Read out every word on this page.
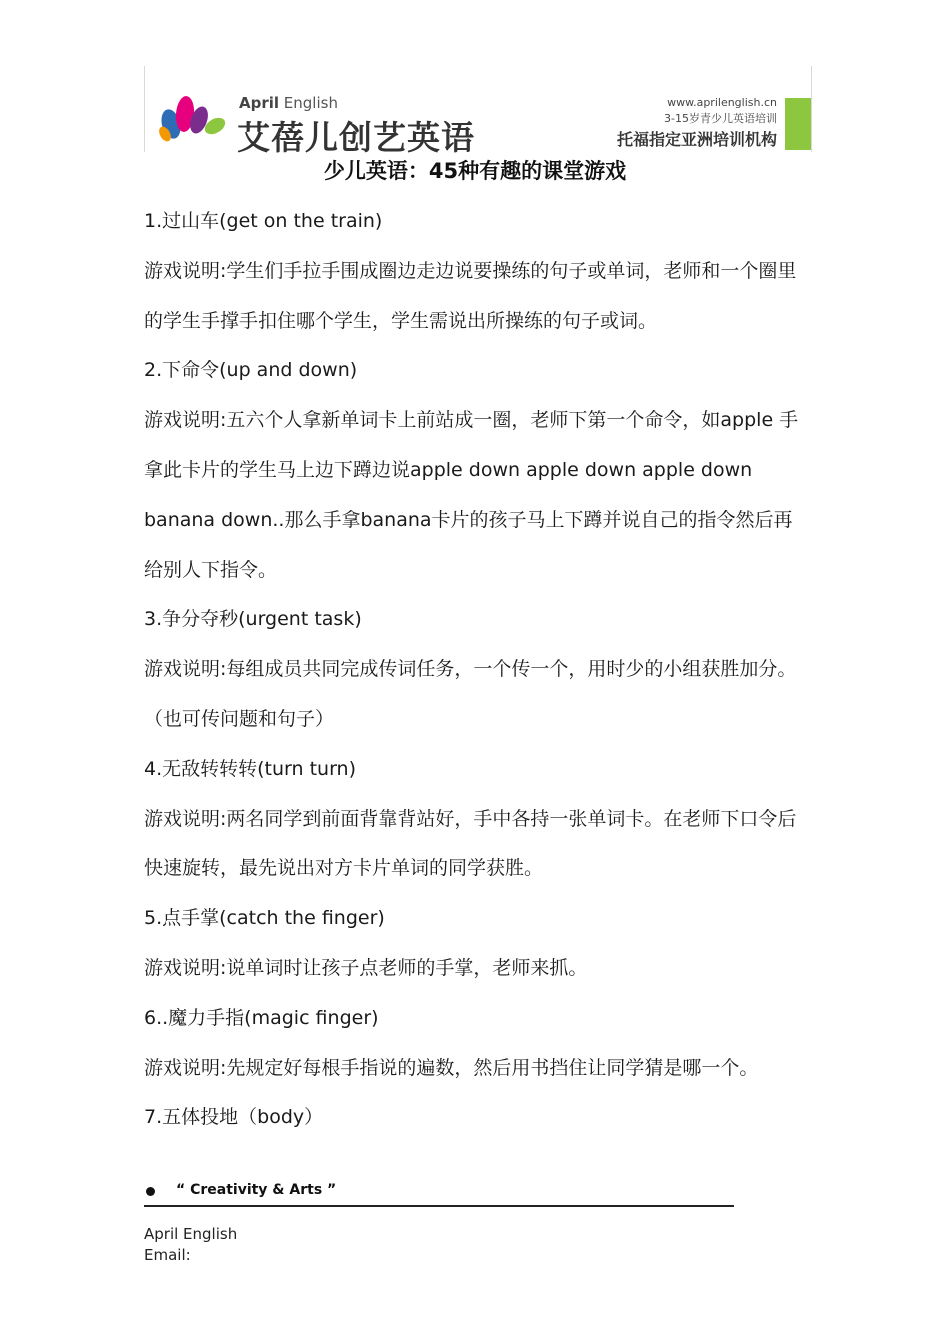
April English
艾蓓儿创艺英语
www.aprilenglish.cn
3-15岁青少儿英语培训
托福指定亚洲培训机构
少儿英语：45种有趣的课堂游戏

1.过山车(get on the train)

游戏说明:学生们手拉手围成圈边走边说要操练的句子或单词，老师和一个圈里

的学生手撑手扣住哪个学生，学生需说出所操练的句子或词。

2.下命令(up and down)

游戏说明:五六个人拿新单词卡上前站成一圈，老师下第一个命令，如apple 手

拿此卡片的学生马上边下蹲边说apple down apple down apple down

banana down..那么手拿banana卡片的孩子马上下蹲并说自己的指令然后再

给别人下指令。

3.争分夺秒(urgent task)

游戏说明:每组成员共同完成传词任务，一个传一个，用时少的小组获胜加分。

（也可传问题和句子）

4.无敌转转转(turn turn)

游戏说明:两名同学到前面背靠背站好，手中各持一张单词卡。在老师下口令后

快速旋转，最先说出对方卡片单词的同学获胜。

5.点手掌(catch the finger)

游戏说明:说单词时让孩子点老师的手掌，老师来抓。

6..魔力手指(magic finger)

游戏说明:先规定好每根手指说的遍数，然后用书挡住让同学猜是哪一个。

7.五体投地（body）

“ Creativity & Arts ”
April English
Email:
